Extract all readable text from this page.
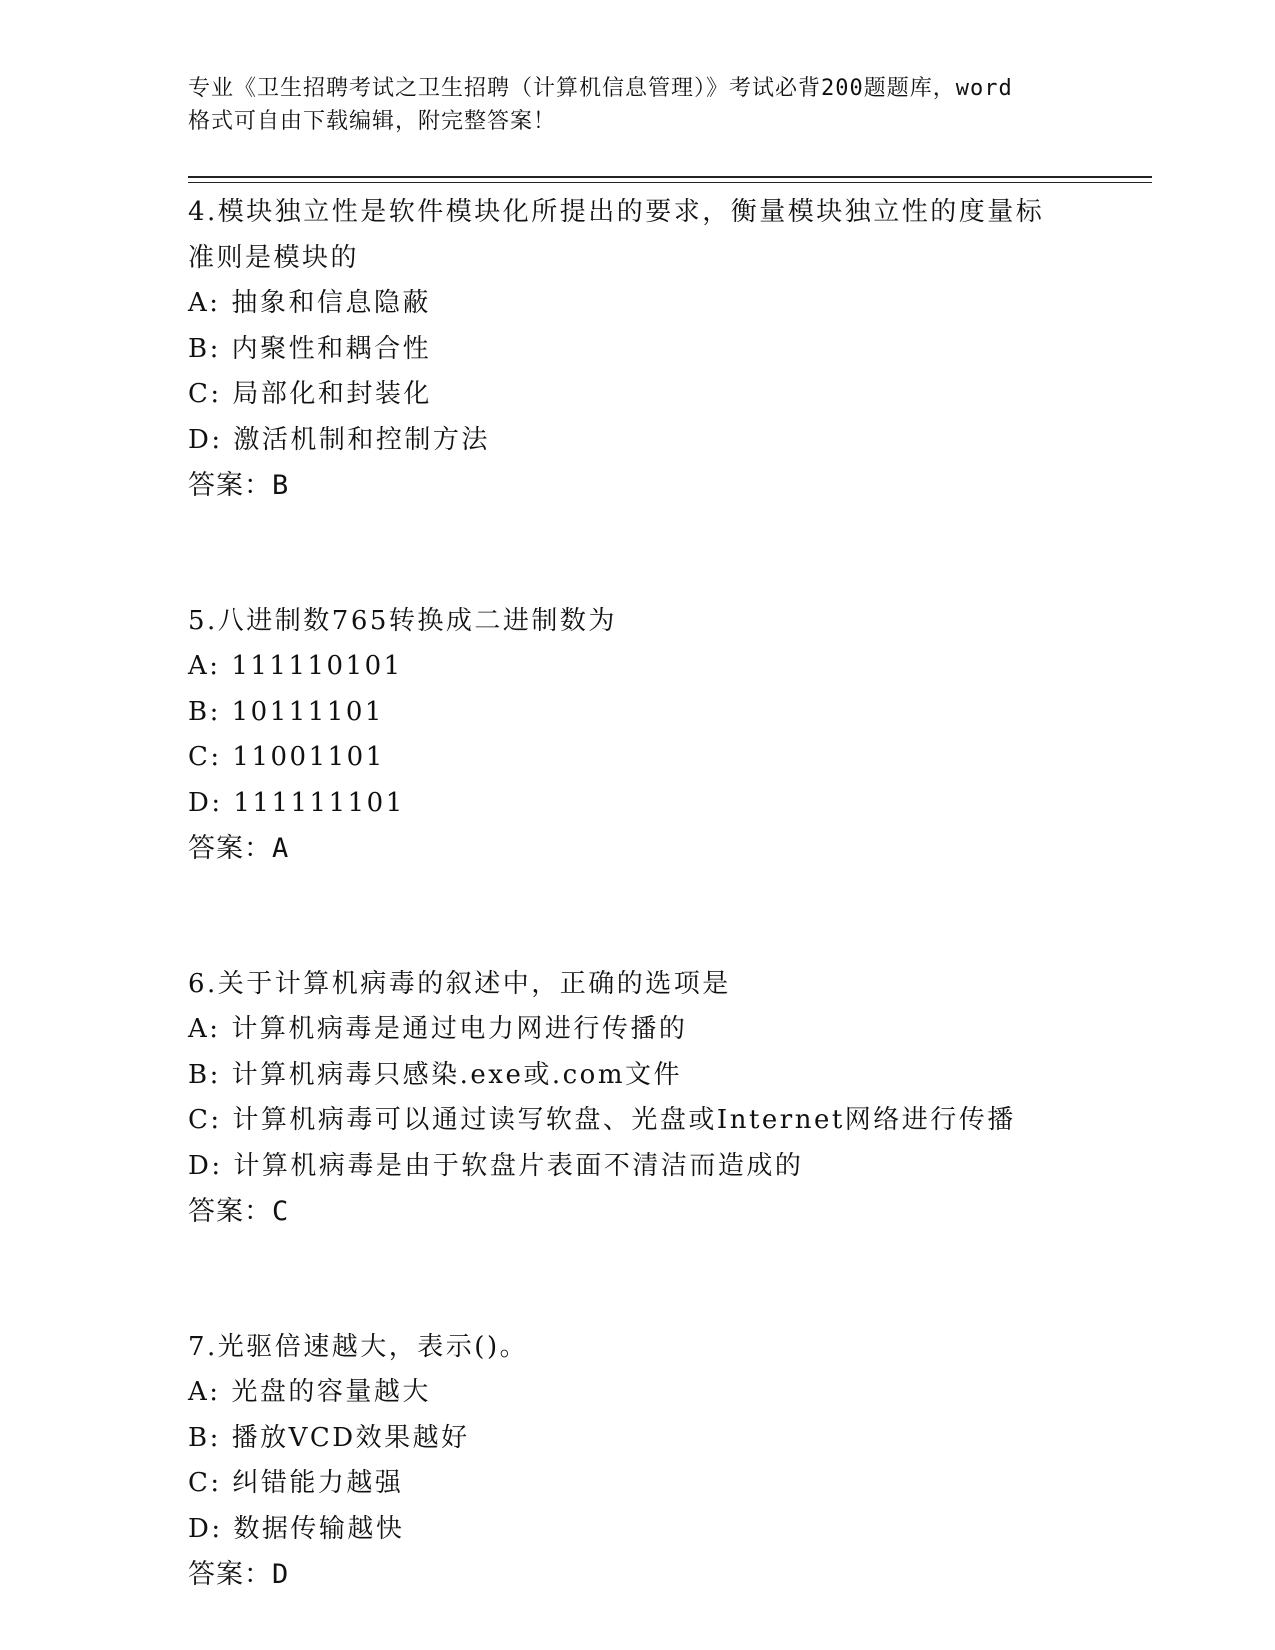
专业《卫生招聘考试之卫生招聘（计算机信息管理）》考试必背200题题库，word
格式可自由下载编辑，附完整答案！
4.模块独立性是软件模块化所提出的要求，衡量模块独立性的度量标
准则是模块的
A: 抽象和信息隐蔽
B: 内聚性和耦合性
C: 局部化和封装化
D: 激活机制和控制方法
答案：B
5.八进制数765转换成二进制数为
A: 111110101
B: 10111101
C: 11001101
D: 111111101
答案：A
6.关于计算机病毒的叙述中，正确的选项是
A: 计算机病毒是通过电力网进行传播的
B: 计算机病毒只感染.exe或.com文件
C: 计算机病毒可以通过读写软盘、光盘或Internet网络进行传播
D: 计算机病毒是由于软盘片表面不清洁而造成的
答案：C
7.光驱倍速越大，表示()。
A: 光盘的容量越大
B: 播放VCD效果越好
C: 纠错能力越强
D: 数据传输越快
答案：D
